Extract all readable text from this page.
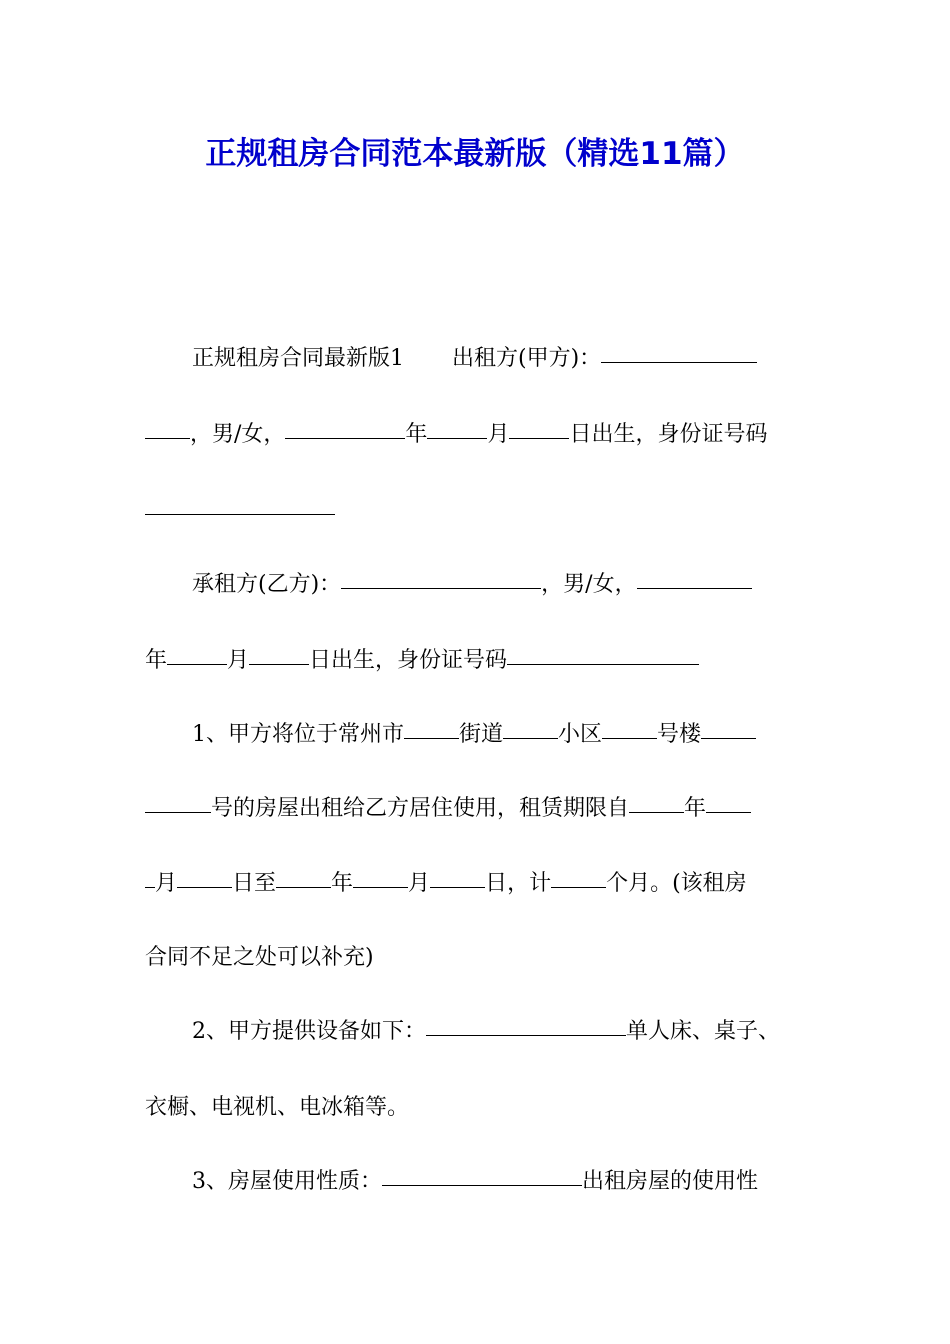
正规租房合同范本最新版（精选11篇）
正规租房合同最新版1 出租方(甲方)：
，男/女，	年	月	日出生，身份证号码
承租方(乙方)：	，男/女，
年	月	日出生，身份证号码
1、甲方将位于常州市	街道	小区	号楼
号的房屋出租给乙方居住使用，租赁期限自	年
月	日至	年	月	日，计	个月。(该租房
合同不足之处可以补充)
2、甲方提供设备如下：	单人床、桌子、
衣橱、电视机、电冰箱等。
3、房屋使用性质：	出租房屋的使用性
